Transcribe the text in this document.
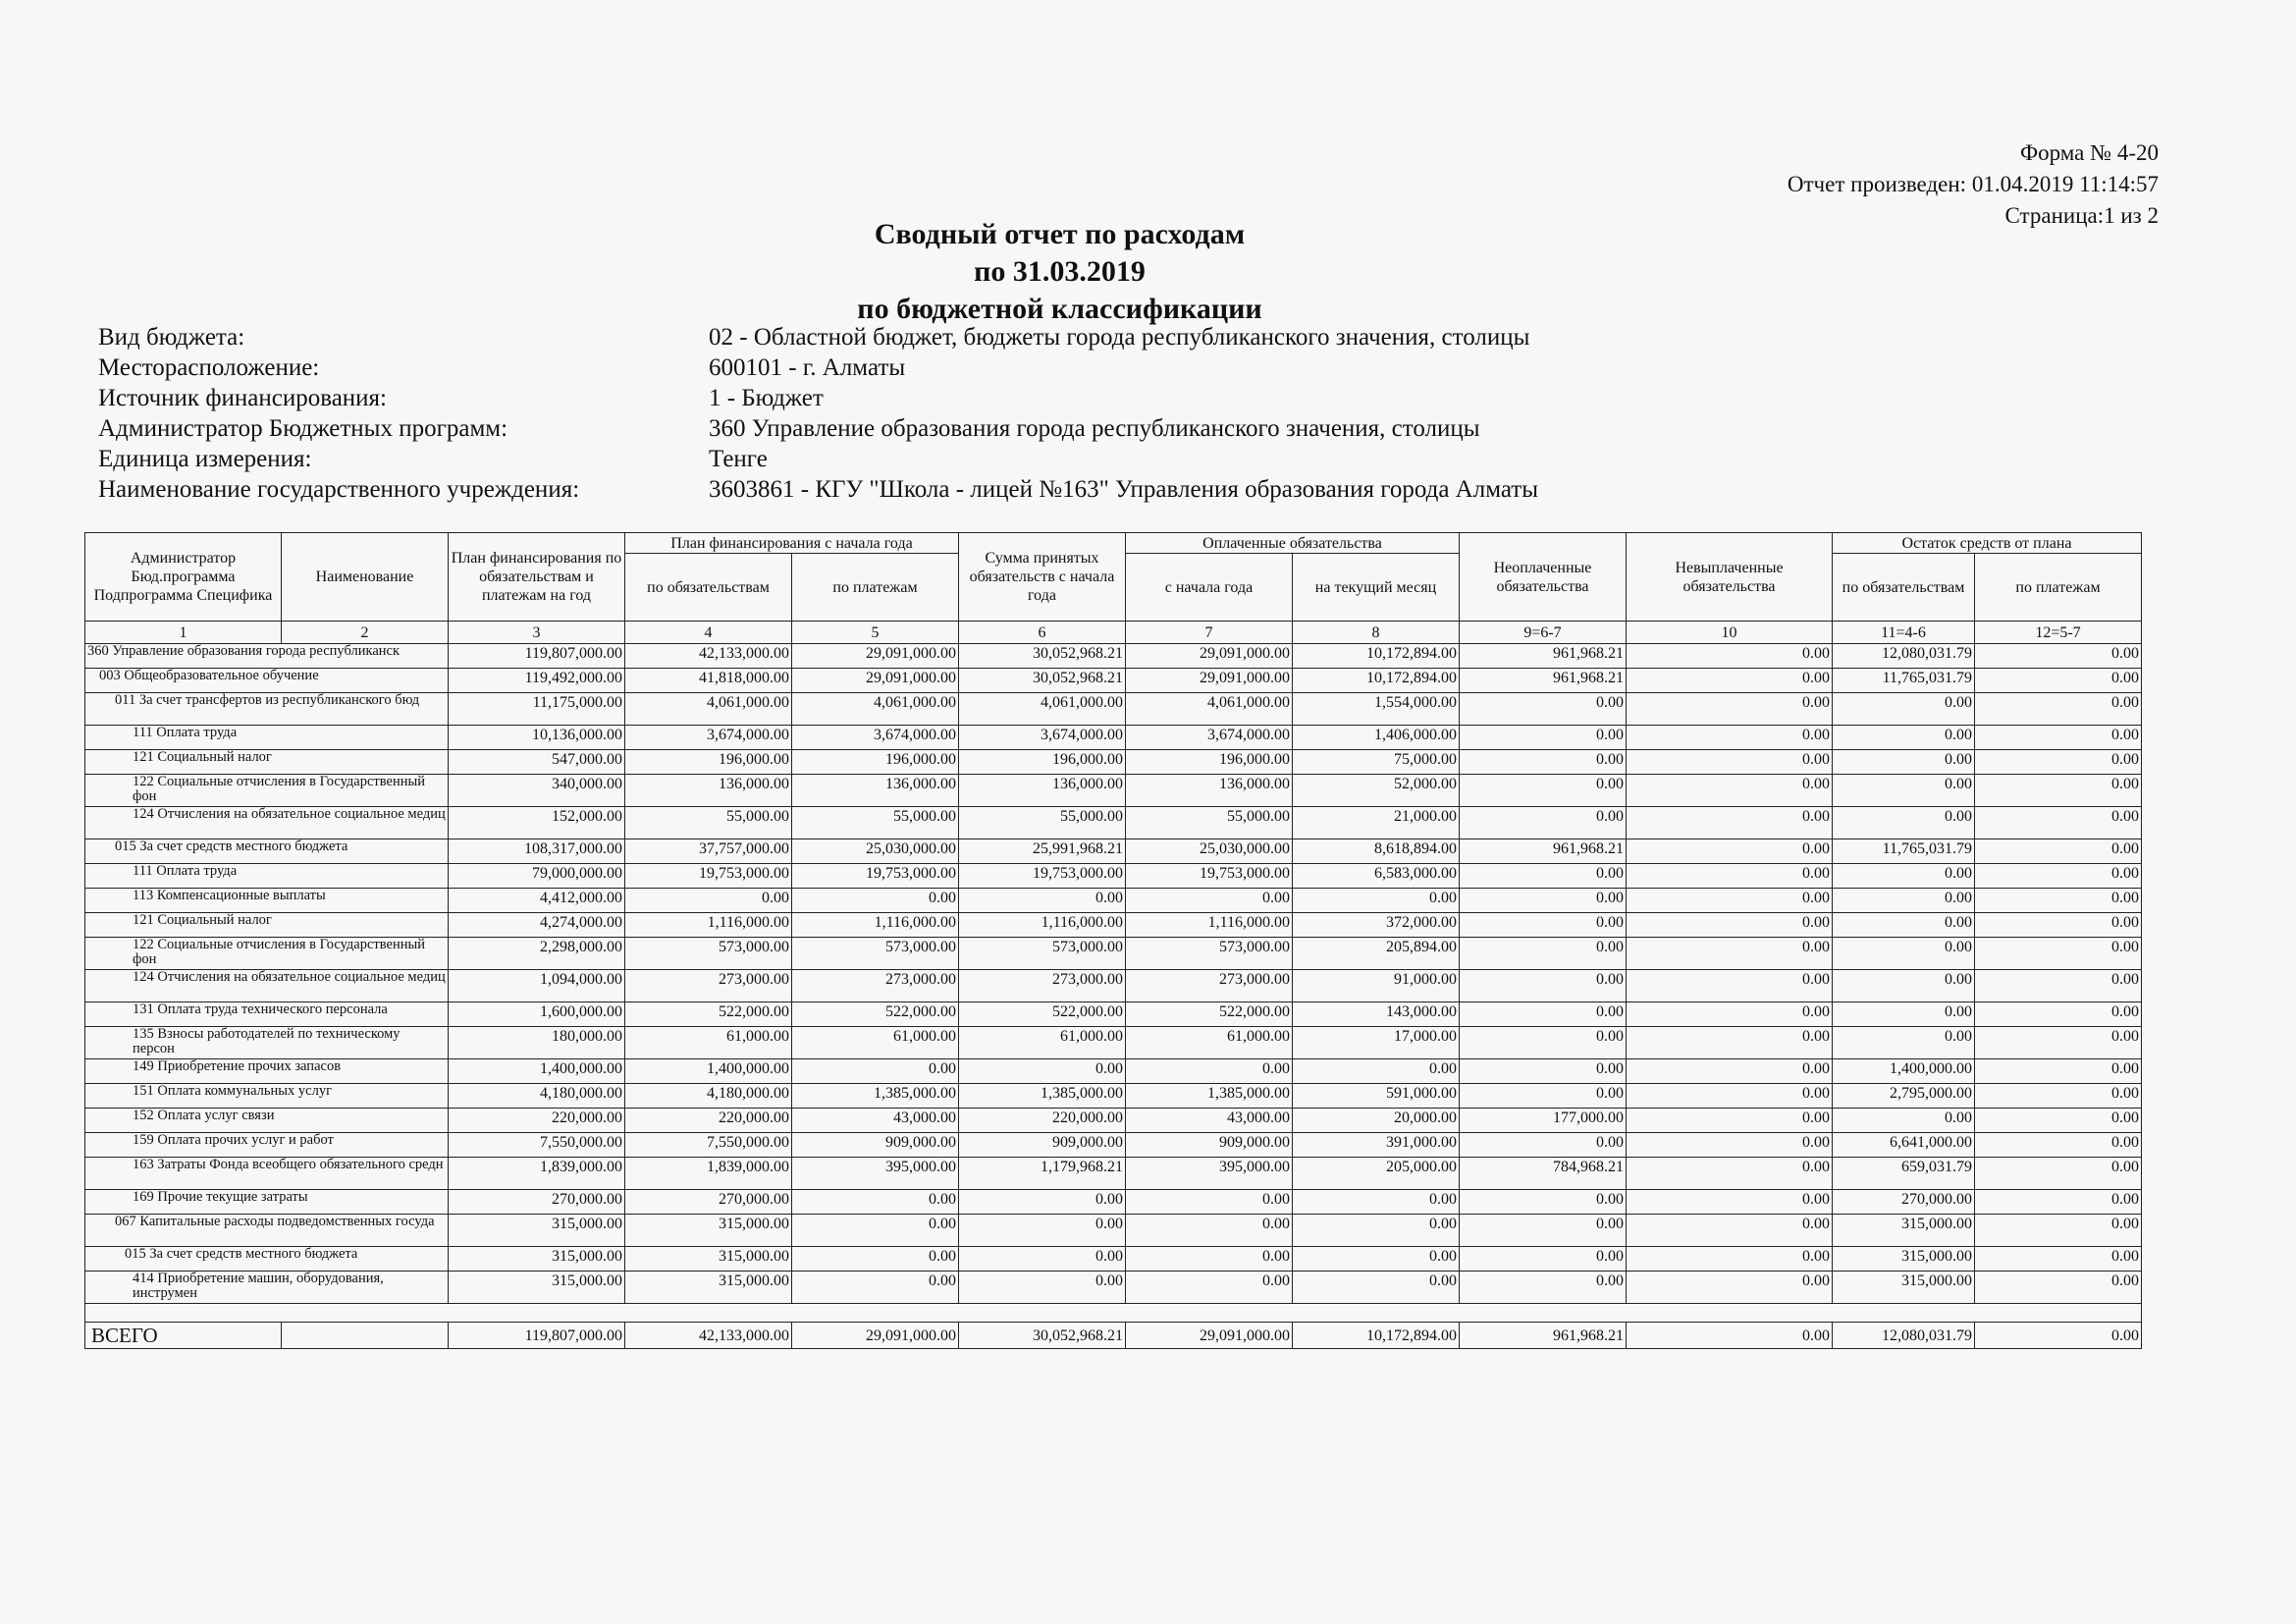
Форма № 4-20
Отчет произведен: 01.04.2019 11:14:57
Страница:1 из 2
Сводный отчет по расходам
по 31.03.2019
по бюджетной классификации
Вид бюджета:	02 - Областной бюджет, бюджеты города республиканского значения, столицы
Месторасположение:	600101 - г. Алматы
Источник финансирования:	1 - Бюджет
Администратор Бюджетных программ:	360 Управление образования города республиканского значения, столицы
Единица измерения:	Тенге
Наименование государственного учреждения:	3603861 - КГУ "Школа - лицей №163" Управления образования города Алматы
Администратор Бюд.программа Подпрограмма Специфика	Наименование	План финансирования по обязательствам и платежам на год	План финансирования с начала года		Сумма принятых обязательств с начала года	Оплаченные обязательства		Неоплаченные обязательства	Невыплаченные обязательства	Остаток средств от плана	
			по обязательствам	по платежам		с начала года	на текущий месяц			по обязательствам	по платежам
1	2	3	4	5	6	7	8	9=6-7	10	11=4-6	12=5-7
360 Управление образования города республиканск		119,807,000.00	42,133,000.00	29,091,000.00	30,052,968.21	29,091,000.00	10,172,894.00	961,968.21	0.00	12,080,031.79	0.00
003 Общеобразовательное обучение		119,492,000.00	41,818,000.00	29,091,000.00	30,052,968.21	29,091,000.00	10,172,894.00	961,968.21	0.00	11,765,031.79	0.00
011 За счет трансфертов из республиканского бюд		11,175,000.00	4,061,000.00	4,061,000.00	4,061,000.00	4,061,000.00	1,554,000.00	0.00	0.00	0.00	0.00
111 Оплата труда		10,136,000.00	3,674,000.00	3,674,000.00	3,674,000.00	3,674,000.00	1,406,000.00	0.00	0.00	0.00	0.00
121 Социальный налог		547,000.00	196,000.00	196,000.00	196,000.00	196,000.00	75,000.00	0.00	0.00	0.00	0.00
122 Социальные отчисления в Государственный фон		340,000.00	136,000.00	136,000.00	136,000.00	136,000.00	52,000.00	0.00	0.00	0.00	0.00
124 Отчисления на обязательное социальное медиц		152,000.00	55,000.00	55,000.00	55,000.00	55,000.00	21,000.00	0.00	0.00	0.00	0.00
015 За счет средств местного бюджета		108,317,000.00	37,757,000.00	25,030,000.00	25,991,968.21	25,030,000.00	8,618,894.00	961,968.21	0.00	11,765,031.79	0.00
111 Оплата труда		79,000,000.00	19,753,000.00	19,753,000.00	19,753,000.00	19,753,000.00	6,583,000.00	0.00	0.00	0.00	0.00
113 Компенсационные выплаты		4,412,000.00	0.00	0.00	0.00	0.00	0.00	0.00	0.00	0.00	0.00
121 Социальный налог		4,274,000.00	1,116,000.00	1,116,000.00	1,116,000.00	1,116,000.00	372,000.00	0.00	0.00	0.00	0.00
122 Социальные отчисления в Государственный фон		2,298,000.00	573,000.00	573,000.00	573,000.00	573,000.00	205,894.00	0.00	0.00	0.00	0.00
124 Отчисления на обязательное социальное медиц		1,094,000.00	273,000.00	273,000.00	273,000.00	273,000.00	91,000.00	0.00	0.00	0.00	0.00
131 Оплата труда технического персонала		1,600,000.00	522,000.00	522,000.00	522,000.00	522,000.00	143,000.00	0.00	0.00	0.00	0.00
135 Взносы работодателей по техническому персон		180,000.00	61,000.00	61,000.00	61,000.00	61,000.00	17,000.00	0.00	0.00	0.00	0.00
149 Приобретение прочих запасов		1,400,000.00	1,400,000.00	0.00	0.00	0.00	0.00	0.00	0.00	1,400,000.00	0.00
151 Оплата коммунальных услуг		4,180,000.00	4,180,000.00	1,385,000.00	1,385,000.00	1,385,000.00	591,000.00	0.00	0.00	2,795,000.00	0.00
152 Оплата услуг связи		220,000.00	220,000.00	43,000.00	220,000.00	43,000.00	20,000.00	177,000.00	0.00	0.00	0.00
159 Оплата прочих услуг и работ		7,550,000.00	7,550,000.00	909,000.00	909,000.00	909,000.00	391,000.00	0.00	0.00	6,641,000.00	0.00
163 Затраты Фонда всеобщего обязательного средн		1,839,000.00	1,839,000.00	395,000.00	1,179,968.21	395,000.00	205,000.00	784,968.21	0.00	659,031.79	0.00
169 Прочие текущие затраты		270,000.00	270,000.00	0.00	0.00	0.00	0.00	0.00	0.00	270,000.00	0.00
067 Капитальные расходы подведомственных госуда		315,000.00	315,000.00	0.00	0.00	0.00	0.00	0.00	0.00	315,000.00	0.00
015 За счет средств местного бюджета		315,000.00	315,000.00	0.00	0.00	0.00	0.00	0.00	0.00	315,000.00	0.00
414 Приобретение машин, оборудования, инструмен		315,000.00	315,000.00	0.00	0.00	0.00	0.00	0.00	0.00	315,000.00	0.00

ВСЕГО		119,807,000.00	42,133,000.00	29,091,000.00	30,052,968.21	29,091,000.00	10,172,894.00	961,968.21	0.00	12,080,031.79	0.00
